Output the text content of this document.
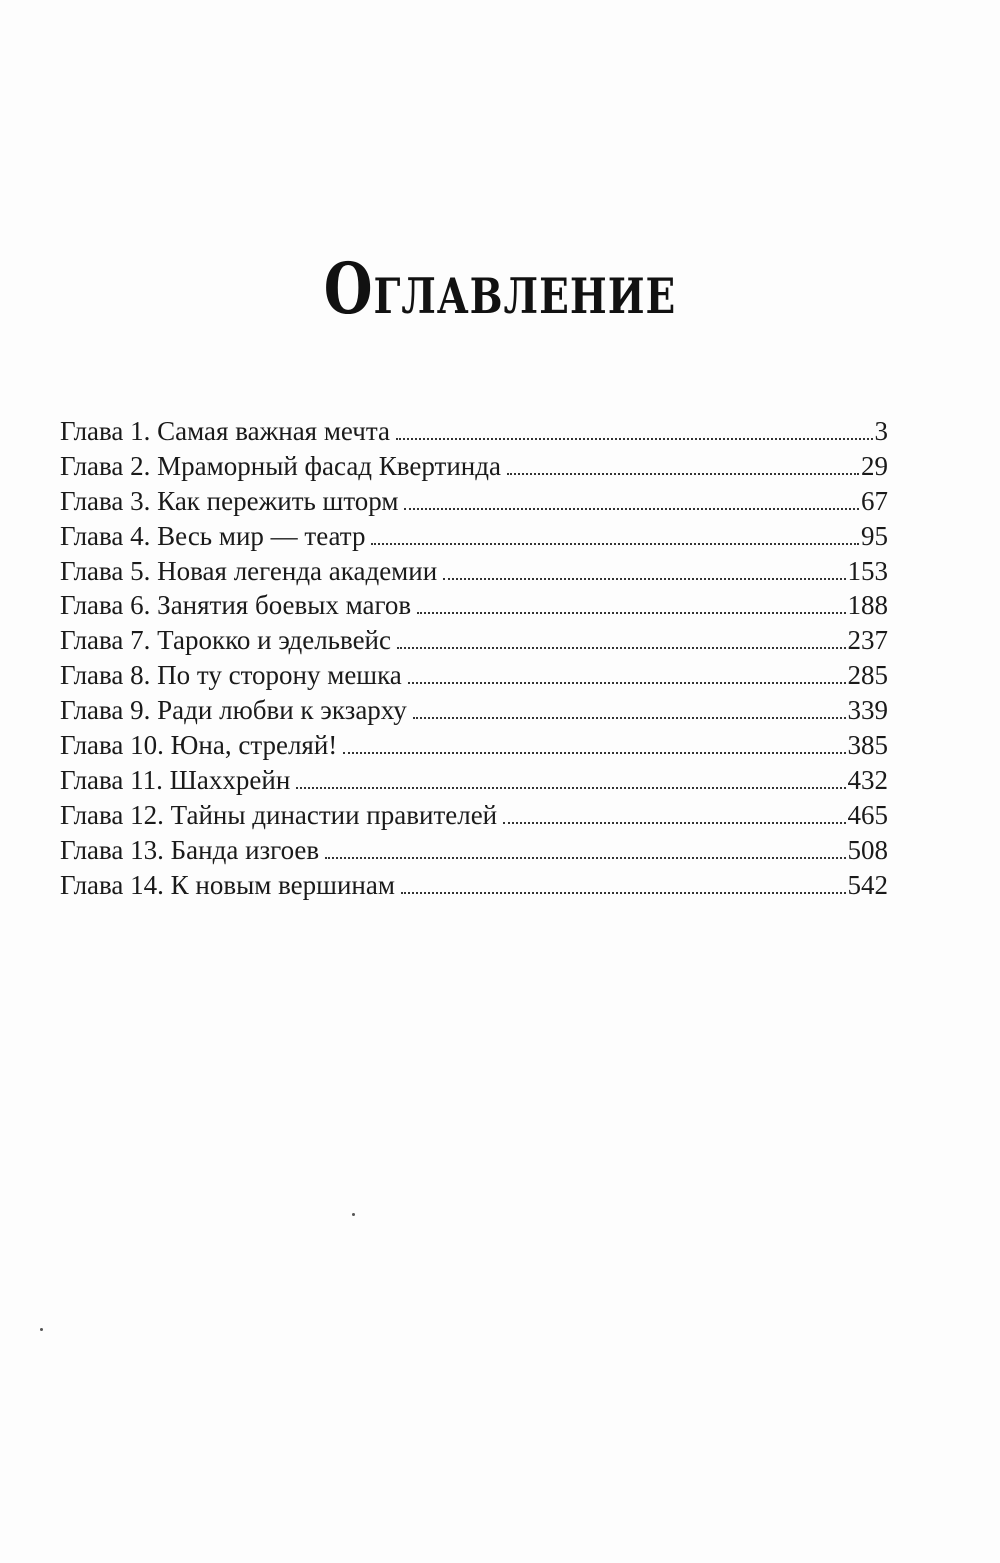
Оглавление
Глава 1. Самая важная мечта	3
Глава 2. Мраморный фасад Квертинда	29
Глава 3. Как пережить шторм	67
Глава 4. Весь мир — театр	95
Глава 5. Новая легенда академии	153
Глава 6. Занятия боевых магов	188
Глава 7. Тарокко и эдельвейс	237
Глава 8. По ту сторону мешка	285
Глава 9. Ради любви к экзарху	339
Глава 10. Юна, стреляй!	385
Глава 11. Шаххрейн	432
Глава 12. Тайны династии правителей	465
Глава 13. Банда изгоев	508
Глава 14. К новым вершинам	542
